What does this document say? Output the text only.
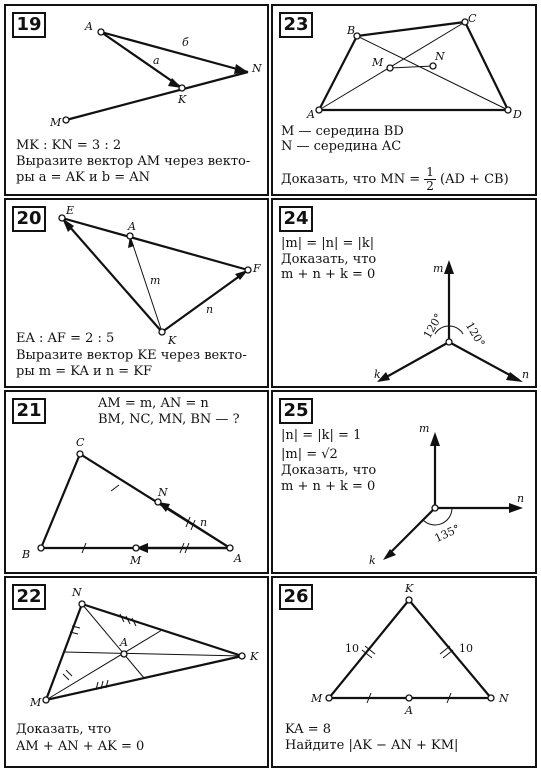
19	A
б
N
a
K
M
MK : KN = 3 : 2
Выразите вектор AM через векто-
ры a = AK и b = AN
23	B
C
M	N
A	D
M — середина BD
N — середина AC
Доказать, что MN = $\frac{1}{2} (AD + CB)$
20	E
A
m
F
n
K
EA : AF = 2 : 5
Выразите вектор KE через векто-
ры m = KA и n = KF
24
m
n
k
120° 120°
|m| = |n| = |k|
Доказать, что
m + n + k = 0
21	AM = m, AN = n
BM, NC, MN, BN — ?
C
N
n
B	M	A
25
m
n
k
135°
|n| = |k| = 1
|m| = √2
Доказать, что
m + n + k = 0
22	N
A
K
M
Доказать, что
AM + AN + AK = 0
26	K
10	10
M
A
N
KA = 8
Найдите |AK − AN + KM|
